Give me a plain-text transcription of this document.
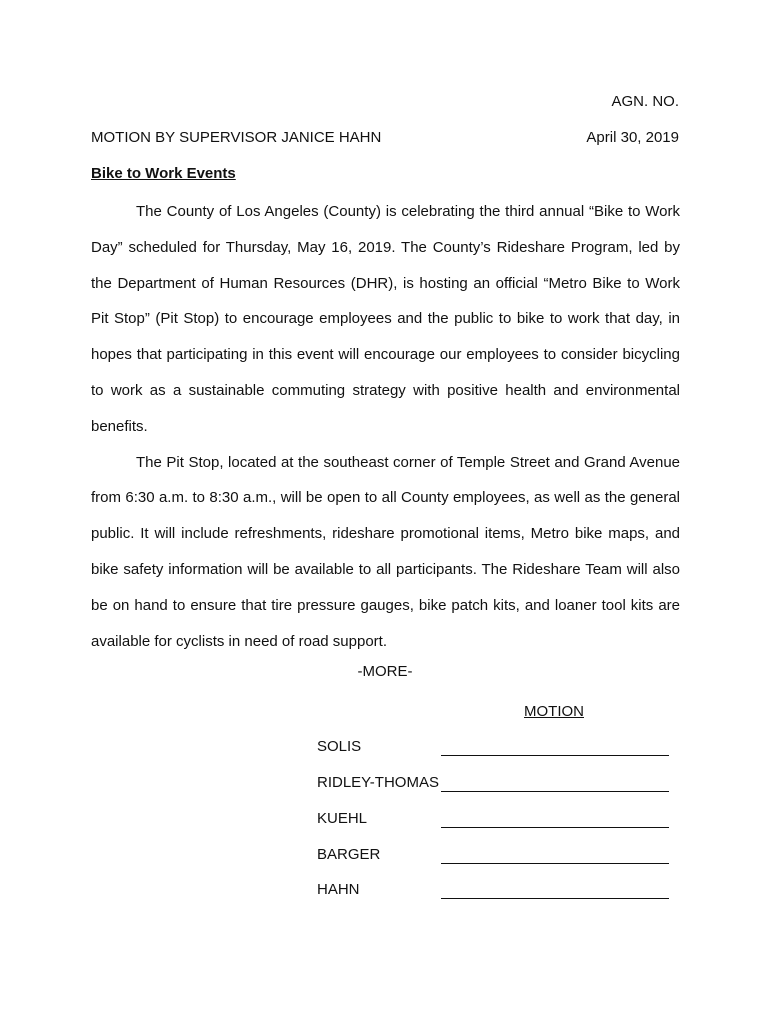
AGN. NO.
MOTION BY SUPERVISOR JANICE HAHN	April 30, 2019
Bike to Work Events

The County of Los Angeles (County) is celebrating the third annual “Bike to Work Day” scheduled for Thursday, May 16, 2019. The County’s Rideshare Program, led by the Department of Human Resources (DHR), is hosting an official “Metro Bike to Work Pit Stop” (Pit Stop) to encourage employees and the public to bike to work that day, in hopes that participating in this event will encourage our employees to consider bicycling to work as a sustainable commuting strategy with positive health and environmental benefits.

The Pit Stop, located at the southeast corner of Temple Street and Grand Avenue from 6:30 a.m. to 8:30 a.m., will be open to all County employees, as well as the general public. It will include refreshments, rideshare promotional items, Metro bike maps, and bike safety information will be available to all participants. The Rideshare Team will also be on hand to ensure that tire pressure gauges, bike patch kits, and loaner tool kits are available for cyclists in need of road support.

-MORE-
MOTION
SOLIS
RIDLEY-THOMAS
KUEHL
BARGER
HAHN
